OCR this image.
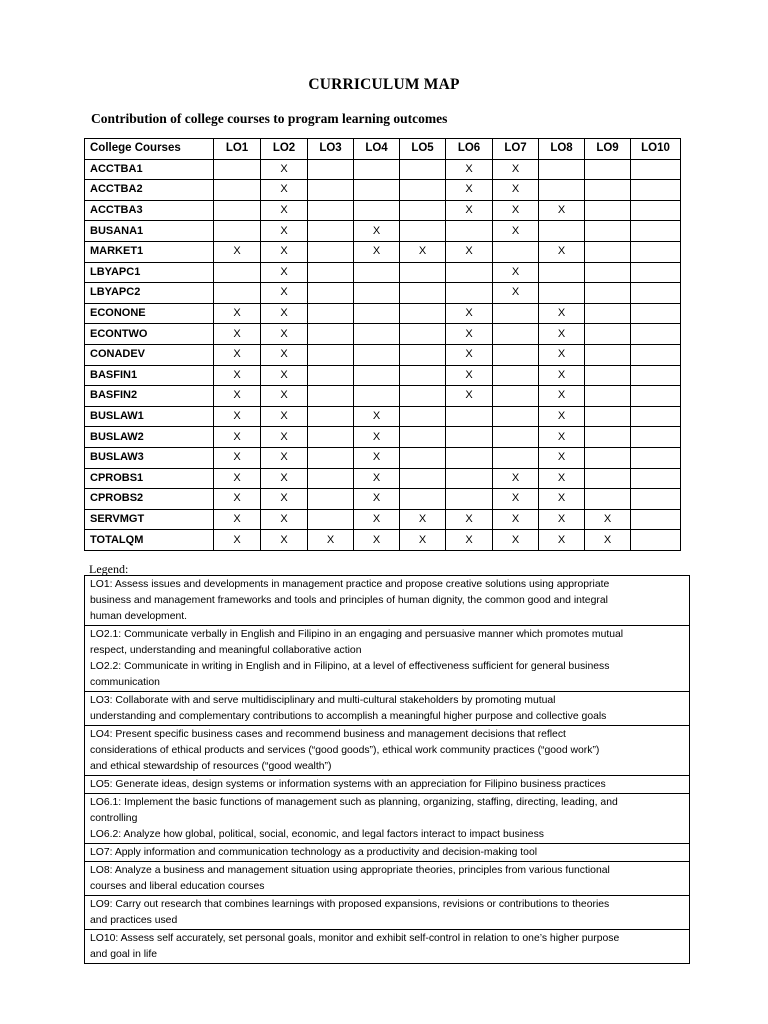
CURRICULUM MAP
Contribution of college courses to program learning outcomes
College Courses	LO1	LO2	LO3	LO4	LO5	LO6	LO7	LO8	LO9	LO10
ACCTBA1		X				X	X			
ACCTBA2		X				X	X			
ACCTBA3		X				X	X	X		
BUSANA1		X		X			X			
MARKET1	X	X		X	X	X		X		
LBYAPC1		X					X			
LBYAPC2		X					X			
ECONONE	X	X				X		X		
ECONTWO	X	X				X		X		
CONADEV	X	X				X		X		
BASFIN1	X	X				X		X		
BASFIN2	X	X				X		X		
BUSLAW1	X	X		X				X		
BUSLAW2	X	X		X				X		
BUSLAW3	X	X		X				X		
CPROBS1	X	X		X			X	X		
CPROBS2	X	X		X			X	X		
SERVMGT	X	X		X	X	X	X	X	X	
TOTALQM	X	X	X	X	X	X	X	X	X	
Legend:
LO1: Assess issues and developments in management practice and propose creative solutions using appropriate
business and management frameworks and tools and principles of human dignity, the common good and integral
human development.

LO2.1: Communicate verbally in English and Filipino in an engaging and persuasive manner which promotes mutual
respect, understanding and meaningful collaborative action
LO2.2: Communicate in writing in English and in Filipino, at a level of effectiveness sufficient for general business
communication

LO3: Collaborate with and serve multidisciplinary and multi-cultural stakeholders by promoting mutual
understanding and complementary contributions to accomplish a meaningful higher purpose and collective goals

LO4: Present specific business cases and recommend business and management decisions that reflect
considerations of ethical products and services (“good goods”), ethical work community practices (“good work”)
and ethical stewardship of resources (“good wealth”)

LO5: Generate ideas, design systems or information systems with an appreciation for Filipino business practices

LO6.1: Implement the basic functions of management such as planning, organizing, staffing, directing, leading, and
controlling
LO6.2: Analyze how global, political, social, economic, and legal factors interact to impact business

LO7: Apply information and communication technology as a productivity and decision-making tool

LO8: Analyze a business and management situation using appropriate theories, principles from various functional
courses and liberal education courses

LO9: Carry out research that combines learnings with proposed expansions, revisions or contributions to theories
and practices used

LO10: Assess self accurately, set personal goals, monitor and exhibit self-control in relation to one’s higher purpose
and goal in life
